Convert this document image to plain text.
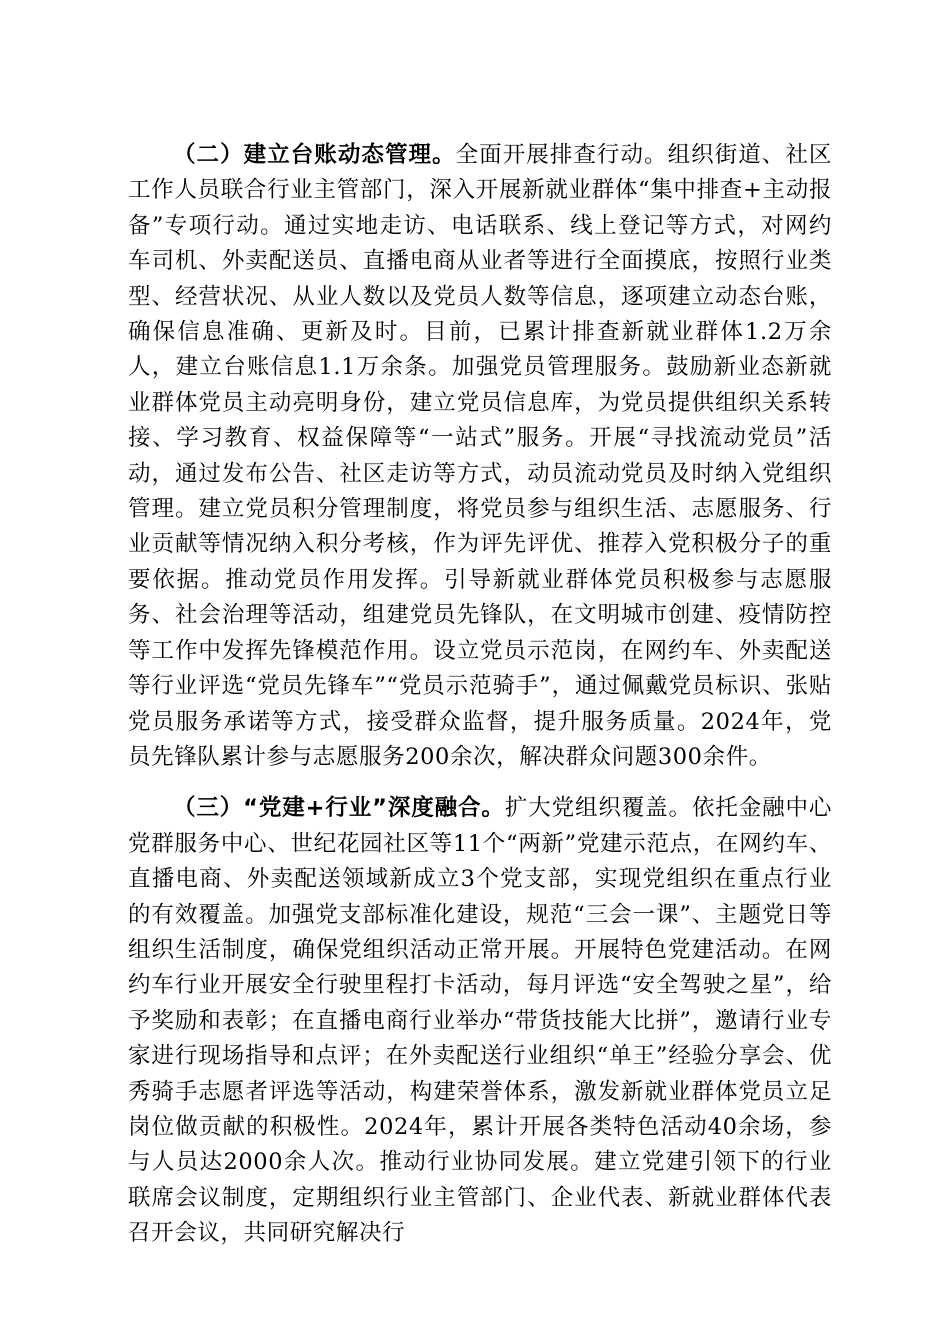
（二）建立台账动态管理。全面开展排查行动。组织街道、社区工作人员联合行业主管部门，深入开展新就业群体“集中排查+主动报备”专项行动。通过实地走访、电话联系、线上登记等方式，对网约车司机、外卖配送员、直播电商从业者等进行全面摸底，按照行业类型、经营状况、从业人数以及党员人数等信息，逐项建立动态台账，确保信息准确、更新及时。目前，已累计排查新就业群体1.2万余人，建立台账信息1.1万余条。加强党员管理服务。鼓励新业态新就业群体党员主动亮明身份，建立党员信息库，为党员提供组织关系转接、学习教育、权益保障等“一站式”服务。开展“寻找流动党员”活动，通过发布公告、社区走访等方式，动员流动党员及时纳入党组织管理。建立党员积分管理制度，将党员参与组织生活、志愿服务、行业贡献等情况纳入积分考核，作为评先评优、推荐入党积极分子的重要依据。推动党员作用发挥。引导新就业群体党员积极参与志愿服务、社会治理等活动，组建党员先锋队，在文明城市创建、疫情防控等工作中发挥先锋模范作用。设立党员示范岗，在网约车、外卖配送等行业评选“党员先锋车”“党员示范骑手”，通过佩戴党员标识、张贴党员服务承诺等方式，接受群众监督，提升服务质量。2024年，党员先锋队累计参与志愿服务200余次，解决群众问题300余件。

（三）“党建+行业”深度融合。扩大党组织覆盖。依托金融中心党群服务中心、世纪花园社区等11个“两新”党建示范点，在网约车、直播电商、外卖配送领域新成立3个党支部，实现党组织在重点行业的有效覆盖。加强党支部标准化建设，规范“三会一课”、主题党日等组织生活制度，确保党组织活动正常开展。开展特色党建活动。在网约车行业开展安全行驶里程打卡活动，每月评选“安全驾驶之星”，给予奖励和表彰；在直播电商行业举办“带货技能大比拼”，邀请行业专家进行现场指导和点评；在外卖配送行业组织“单王”经验分享会、优秀骑手志愿者评选等活动，构建荣誉体系，激发新就业群体党员立足岗位做贡献的积极性。2024年，累计开展各类特色活动40余场，参与人员达2000余人次。推动行业协同发展。建立党建引领下的行业联席会议制度，定期组织行业主管部门、企业代表、新就业群体代表召开会议，共同研究解决行
